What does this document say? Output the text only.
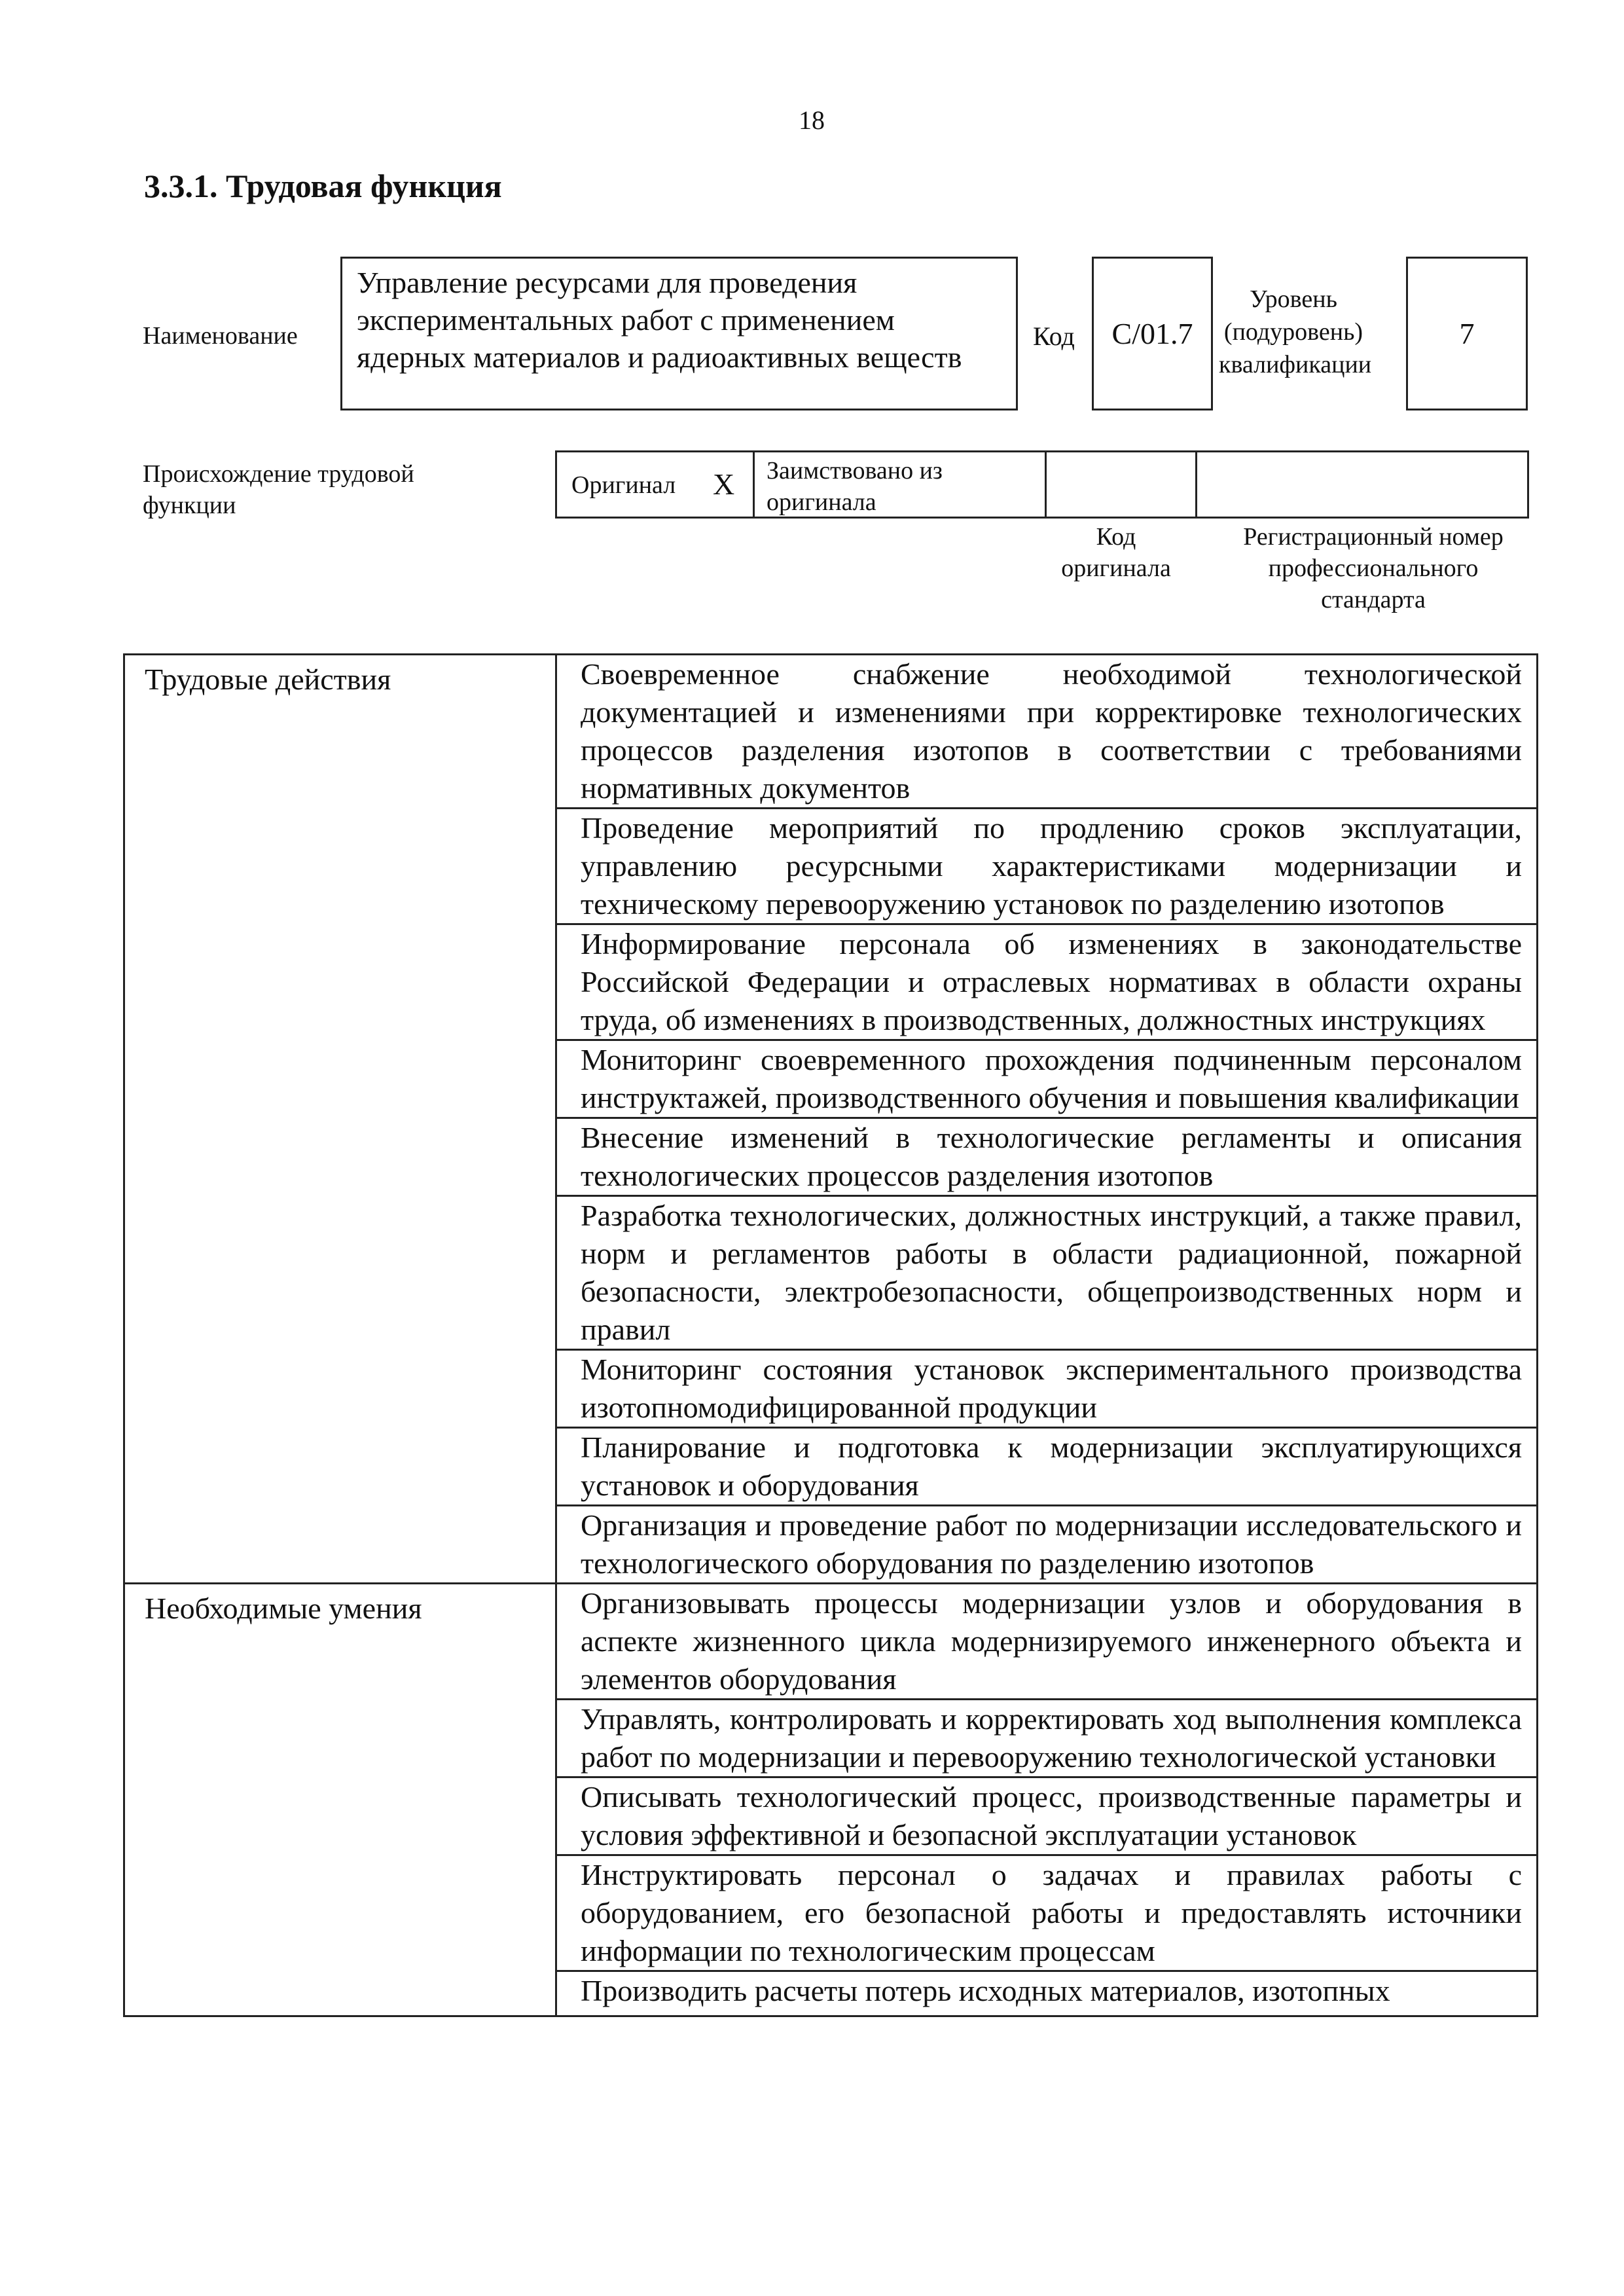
18
3.3.1. Трудовая функция
Наименование
Управление ресурсами для проведения экспериментальных работ с применением ядерных материалов и радиоактивных веществ
Код C/01.7
Уровень (подуровень) квалификации
7
Происхождение трудовой функции
Оригинал X Заимствовано из оригинала
Код оригинала
Регистрационный номер профессионального стандарта
Трудовые действия	Своевременное снабжение необходимой технологической документацией и изменениями при корректировке технологических процессов разделения изотопов в соответствии с требованиями нормативных документов
Проведение мероприятий по продлению сроков эксплуатации, управлению ресурсными характеристиками модернизации и техническому перевооружению установок по разделению изотопов
Информирование персонала об изменениях в законодательстве Российской Федерации и отраслевых нормативах в области охраны труда, об изменениях в производственных, должностных инструкциях
Мониторинг своевременного прохождения подчиненным персоналом инструктажей, производственного обучения и повышения квалификации
Внесение изменений в технологические регламенты и описания технологических процессов разделения изотопов
Разработка технологических, должностных инструкций, а также правил, норм и регламентов работы в области радиационной, пожарной безопасности, электробезопасности, общепроизводственных норм и правил
Мониторинг состояния установок экспериментального производства изотопномодифицированной продукции
Планирование и подготовка к модернизации эксплуатирующихся установок и оборудования
Организация и проведение работ по модернизации исследовательского и технологического оборудования по разделению изотопов
Необходимые умения	Организовывать процессы модернизации узлов и оборудования в аспекте жизненного цикла модернизируемого инженерного объекта и элементов оборудования
Управлять, контролировать и корректировать ход выполнения комплекса работ по модернизации и перевооружению технологической установки
Описывать технологический процесс, производственные параметры и условия эффективной и безопасной эксплуатации установок
Инструктировать персонал о задачах и правилах работы с оборудованием, его безопасной работы и предоставлять источники информации по технологическим процессам
Производить расчеты потерь исходных материалов, изотопных
